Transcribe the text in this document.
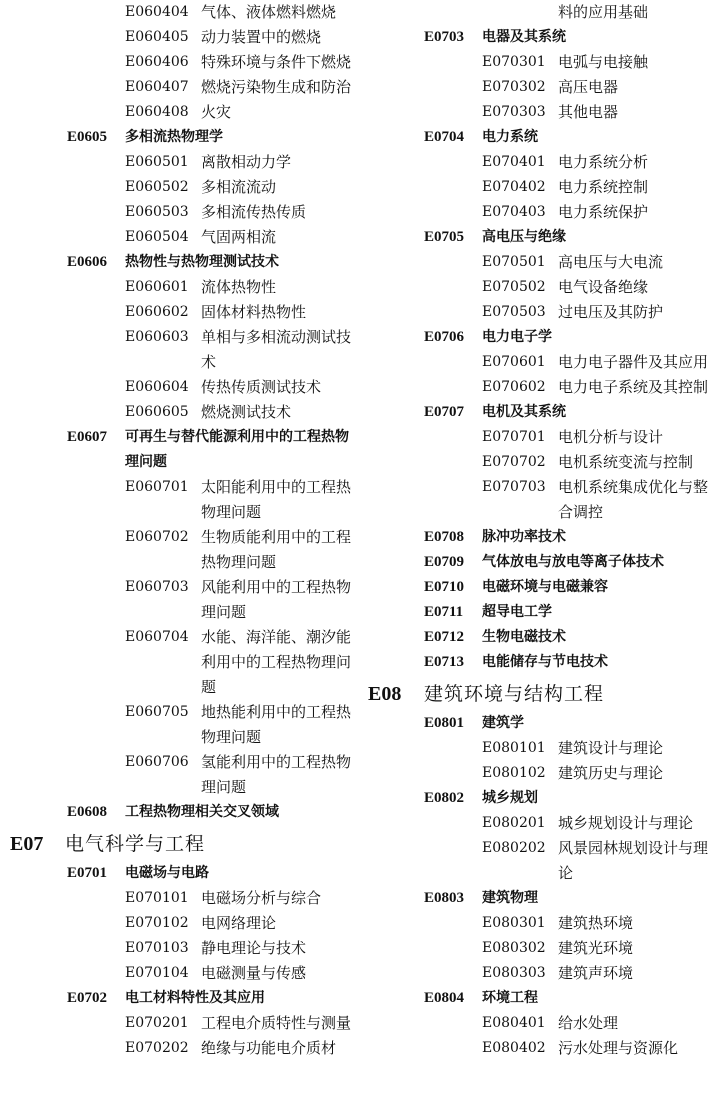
E060404 气体、液体燃料燃烧
E060405 动力装置中的燃烧
E060406 特殊环境与条件下燃烧
E060407 燃烧污染物生成和防治
E060408 火灾
E0605	多相流热物理学
E060501 离散相动力学
E060502 多相流流动
E060503 多相流传热传质
E060504 气固两相流
E0606	热物性与热物理测试技术
E060601 流体热物性
E060602 固体材料热物性
E060603 单相与多相流动测试技术
E060604 传热传质测试技术
E060605 燃烧测试技术
E0607	可再生与替代能源利用中的工程热物理问题
E060701 太阳能利用中的工程热物理问题
E060702 生物质能利用中的工程热物理问题
E060703 风能利用中的工程热物理问题
E060704 水能、海洋能、潮汐能利用中的工程热物理问题
E060705 地热能利用中的工程热物理问题
E060706 氢能利用中的工程热物理问题
E0608	工程热物理相关交叉领域
E07	电气科学与工程
E0701	电磁场与电路
E070101 电磁场分析与综合
E070102 电网络理论
E070103 静电理论与技术
E070104 电磁测量与传感
E0702	电工材料特性及其应用
E070201 工程电介质特性与测量
E070202 绝缘与功能电介质材
料的应用基础
E0703	电器及其系统
E070301 电弧与电接触
E070302 高压电器
E070303 其他电器
E0704	电力系统
E070401 电力系统分析
E070402 电力系统控制
E070403 电力系统保护
E0705	高电压与绝缘
E070501 高电压与大电流
E070502 电气设备绝缘
E070503 过电压及其防护
E0706	电力电子学
E070601 电力电子器件及其应用
E070602 电力电子系统及其控制
E0707	电机及其系统
E070701 电机分析与设计
E070702 电机系统变流与控制
E070703 电机系统集成优化与整合调控
E0708	脉冲功率技术
E0709	气体放电与放电等离子体技术
E0710	电磁环境与电磁兼容
E0711	超导电工学
E0712	生物电磁技术
E0713	电能储存与节电技术
E08	建筑环境与结构工程
E0801	建筑学
E080101 建筑设计与理论
E080102 建筑历史与理论
E0802	城乡规划
E080201 城乡规划设计与理论
E080202 风景园林规划设计与理论
E0803	建筑物理
E080301 建筑热环境
E080302 建筑光环境
E080303 建筑声环境
E0804	环境工程
E080401 给水处理
E080402 污水处理与资源化
